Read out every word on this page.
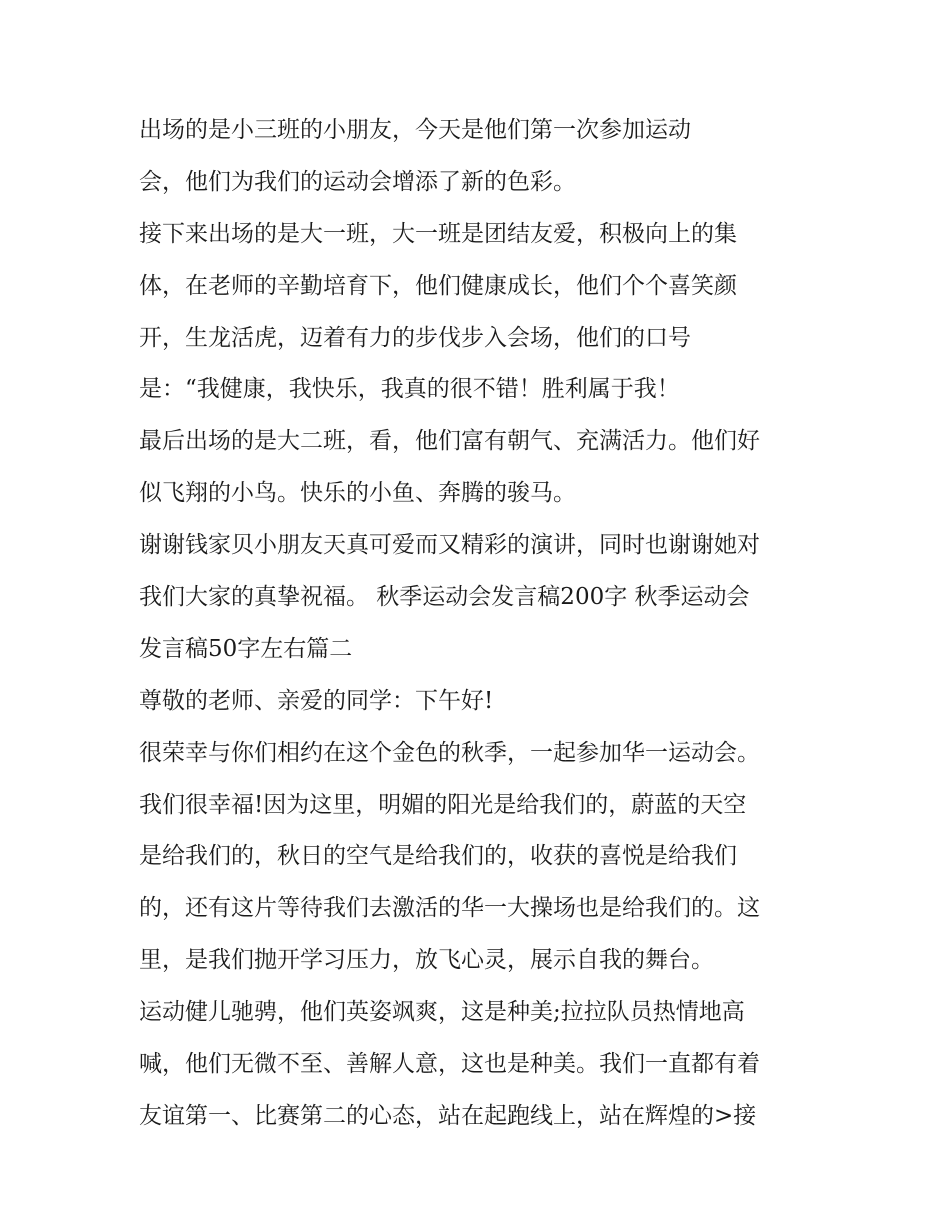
出场的是小三班的小朋友，今天是他们第一次参加运动
会，他们为我们的运动会增添了新的色彩。
接下来出场的是大一班，大一班是团结友爱，积极向上的集
体，在老师的辛勤培育下，他们健康成长，他们个个喜笑颜
开，生龙活虎，迈着有力的步伐步入会场，他们的口号
是：“我健康，我快乐，我真的很不错！胜利属于我！
最后出场的是大二班，看，他们富有朝气、充满活力。他们好
似飞翔的小鸟。快乐的小鱼、奔腾的骏马。
谢谢钱家贝小朋友天真可爱而又精彩的演讲，同时也谢谢她对
我们大家的真挚祝福。 秋季运动会发言稿200字 秋季运动会
发言稿50字左右篇二
尊敬的老师、亲爱的同学：下午好!
很荣幸与你们相约在这个金色的秋季，一起参加华一运动会。
我们很幸福!因为这里，明媚的阳光是给我们的，蔚蓝的天空
是给我们的，秋日的空气是给我们的，收获的喜悦是给我们
的，还有这片等待我们去激活的华一大操场也是给我们的。这
里，是我们抛开学习压力，放飞心灵，展示自我的舞台。
运动健儿驰骋，他们英姿飒爽，这是种美;拉拉队员热情地高
喊，他们无微不至、善解人意，这也是种美。我们一直都有着
友谊第一、比赛第二的心态，站在起跑线上，站在辉煌的>接
